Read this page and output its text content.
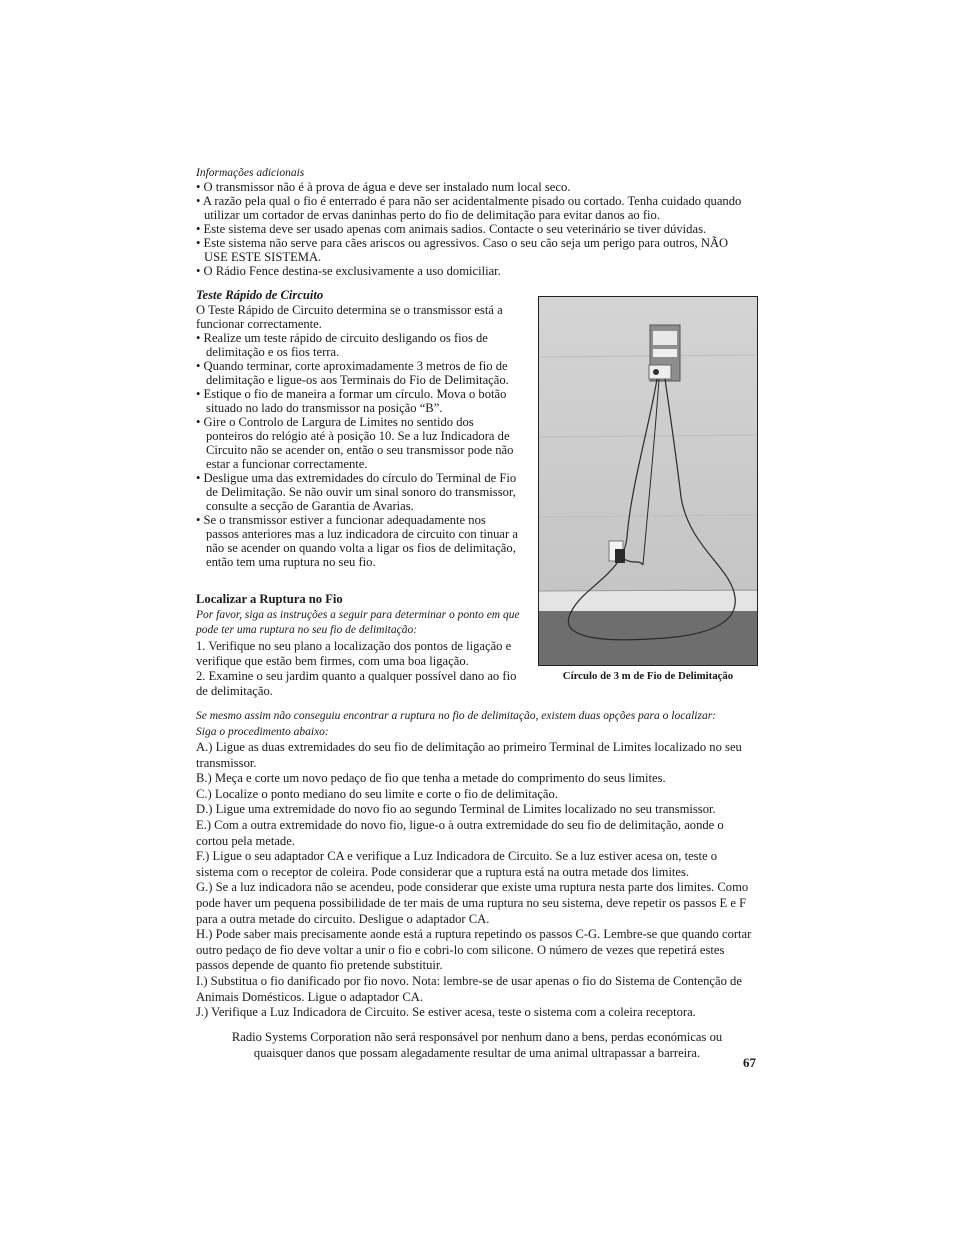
Informações adicionais
• O transmissor não é à prova de água e deve ser instalado num local seco.
• A razão pela qual o fio é enterrado é para não ser acidentalmente pisado ou cortado. Tenha cuidado quando utilizar um cortador de ervas daninhas perto do fio de delimitação para evitar danos ao fio.
• Este sistema deve ser usado apenas com animais sadios. Contacte o seu veterinário se tiver dúvidas.
• Este sistema não serve para cães ariscos ou agressivos. Caso o seu cão seja um perigo para outros, NÃO USE ESTE SISTEMA.
• O Rádio Fence destina-se exclusivamente a uso domiciliar.
Teste Rápido de Circuito
O Teste Rápido de Circuito determina se o transmissor está a funcionar correctamente.
• Realize um teste rápido de circuito desligando os fios de delimitação e os fios terra.
• Quando terminar, corte aproximadamente 3 metros de fio de delimitação e ligue-os aos Terminais do Fio de Delimitação.
• Estique o fio de maneira a formar um círculo. Mova o botão situado no lado do transmissor na posição “B”.
• Gire o Controlo de Largura de Limites no sentido dos ponteiros do relógio até à posição 10. Se a luz Indicadora de Circuito não se acender on, então o seu transmissor pode não estar a funcionar correctamente.
• Desligue uma das extremidades do círculo do Terminal de Fio de Delimitação. Se não ouvir um sinal sonoro do transmissor, consulte a secção de Garantia de Avarias.
• Se o transmissor estiver a funcionar adequadamente nos passos anteriores mas a luz indicadora de circuito con tinuar a não se acender on quando volta a ligar os fios de delimitação, então tem uma ruptura no seu fio.
Localizar a Ruptura no Fio
Por favor, siga as instruções a seguir para determinar o ponto em que pode ter uma ruptura no seu fio de delimitação:
1. Verifique no seu plano a localização dos pontos de ligação e verifique que estão bem firmes, com uma boa ligação.
2. Examine o seu jardim quanto a qualquer possível dano ao fio de delimitação.
Círculo de 3 m de Fio de Delimitação
Se mesmo assim não conseguiu encontrar a ruptura no fio de delimitação, existem duas opções para o localizar: Siga o procedimento abaixo:
A.) Ligue as duas extremidades do seu fio de delimitação ao primeiro Terminal de Limites localizado no seu transmissor.
B.) Meça e corte um novo pedaço de fio que tenha a metade do comprimento do seus limites.
C.) Localize o ponto mediano do seu limite e corte o fio de delimitação.
D.) Ligue uma extremidade do novo fio ao segundo Terminal de Limites localizado no seu transmissor.
E.) Com a outra extremidade do novo fio, ligue-o à outra extremidade do seu fio de delimitação, aonde o cortou pela metade.
F.) Ligue o seu adaptador CA e verifique a Luz Indicadora de Circuito. Se a luz estiver acesa on, teste o sistema com o receptor de coleira. Pode considerar que a ruptura está na outra metade dos limites.
G.) Se a luz indicadora não se acendeu, pode considerar que existe uma ruptura nesta parte dos limites. Como pode haver um pequena possibilidade de ter mais de uma ruptura no seu sistema, deve repetir os passos E e F para a outra metade do circuito. Desligue o adaptador CA.
H.) Pode saber mais precisamente aonde está a ruptura repetindo os passos C-G. Lembre-se que quando cortar outro pedaço de fio deve voltar a unir o fio e cobri-lo com silicone. O número de vezes que repetirá estes passos depende de quanto fio pretende substituir.
I.) Substitua o fio danificado por fio novo. Nota: lembre-se de usar apenas o fio do Sistema de Contenção de Animais Domésticos. Ligue o adaptador CA.
J.) Verifique a Luz Indicadora de Circuito. Se estiver acesa, teste o sistema com a coleira receptora.
Radio Systems Corporation não será responsável por nenhum dano a bens, perdas económicas ou quaisquer danos que possam alegadamente resultar de uma animal ultrapassar a barreira.
67
